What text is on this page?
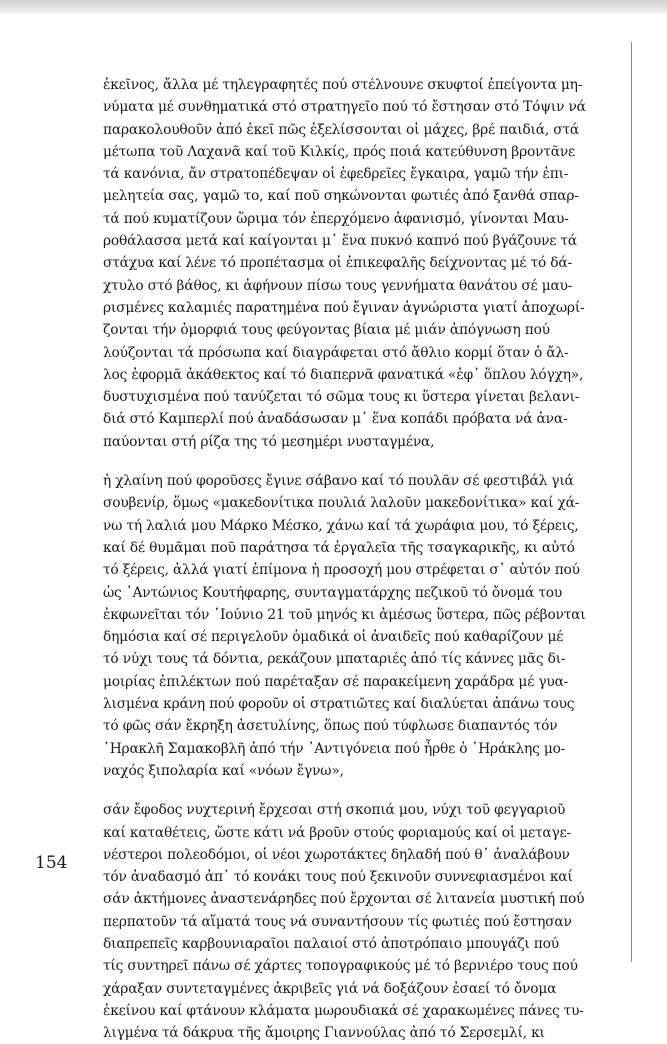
ἐκεῖνος, ἄλλα μέ τηλεγραφητές πού στέλνουνε σκυφτοί ἐπείγοντα μη-
νύματα μέ συνθηματικά στό στρατηγεῖο πού τό ἔστησαν στό Τόψιν νά
παρακολουθοῦν ἀπό ἐκεῖ πῶς ἐξελίσσονται οἱ μάχες, βρέ παιδιά, στά
μέτωπα τοῦ Λαχανᾶ καί τοῦ Κιλκίς, πρός ποιά κατεύθυνση βροντᾶνε
τά κανόνια, ἄν στρατοπέδεψαν οἱ ἐφεδρεῖες ἔγκαιρα, γαμῶ τήν ἐπι-
μελητεία σας, γαμῶ το, καί ποῦ σηκώνονται φωτιές ἀπό ξανθά σπαρ-
τά πού κυματίζουν ὥριμα τόν ἐπερχόμενο ἀφανισμό, γίνονται Μαυ-
ροθάλασσα μετά καί καίγονται μ᾽ ἕνα πυκνό καπνό πού βγάζουνε τά
στάχυα καί λένε τό προπέτασμα οἱ ἐπικεφαλῆς δείχνοντας μέ τό δά-
χτυλο στό βάθος, κι ἀφήνουν πίσω τους γεννήματα θανάτου σέ μαυ-
ρισμένες καλαμιές παρατημένα πού ἔγιναν ἀγνώριστα γιατί ἀποχωρί-
ζονται τήν ὀμορφιά τους φεύγοντας βίαια μέ μιάν ἀπόγνωση πού
λούζονται τά πρόσωπα καί διαγράφεται στό ἄθλιο κορμί ὅταν ὁ ἄλ-
λος ἐφορμᾶ ἀκάθεκτος καί τό διαπερνᾶ φανατικά «ἐφ᾽ ὅπλου λόγχη»,
δυστυχισμένα πού τανύζεται τό σῶμα τους κι ὕστερα γίνεται βελανι-
διά στό Καμπερλί πού ἀναδάσωσαν μ᾽ ἕνα κοπάδι πρόβατα νά ἀνα-
παύονται στή ρίζα της τό μεσημέρι νυσταγμένα,
ἡ χλαίνη πού φοροῦσες ἔγινε σάβανο καί τό πουλᾶν σέ φεστιβάλ γιά
σουβενίρ, ὅμως «μακεδονίτικα πουλιά λαλοῦν μακεδονίτικα» καί χά-
νω τή λαλιά μου Μάρκο Μέσκο, χάνω καί τά χωράφια μου, τό ξέρεις,
καί δέ θυμᾶμαι ποῦ παράτησα τά ἐργαλεῖα τῆς τσαγκαρικῆς, κι αὐτό
τό ξέρεις, ἀλλά γιατί ἐπίμονα ἡ προσοχή μου στρέφεται σ᾽ αὐτόν πού
ὡς ᾽Αντώνιος Κουτήφαρης, συνταγματάρχης πεζικοῦ τό ὄνομά του
ἐκφωνεῖται τόν ᾽Ιούνιο 21 τοῦ μηνός κι ἀμέσως ὕστερα, πῶς ρέβονται
δημόσια καί σέ περιγελοῦν ὁμαδικά οἱ ἀναιδεῖς πού καθαρίζουν μέ
τό νύχι τους τά δόντια, ρεκάζουν μπαταριές ἀπό τίς κάννες μᾶς δι-
μοιρίας ἐπιλέκτων πού παρέταξαν σέ παρακείμενη χαράδρα μέ γυα-
λισμένα κράνη πού φοροῦν οἱ στρατιῶτες καί διαλύεται ἀπάνω τους
τό φῶς σάν ἔκρηξη ἀσετυλίνης, ὅπως πού τύφλωσε διαπαντός τόν
῾Ηρακλῆ Σαμακοβλῆ ἀπό τήν ᾽Αντιγόνεια πού ἦρθε ὁ ῾Ηράκλης μο-
ναχός ξιπολαρία καί «νόων ἔγνω»,
σάν ἔφοδος νυχτερινή ἔρχεσαι στή σκοπιά μου, νύχι τοῦ φεγγαριοῦ
καί καταθέτεις, ὥστε κάτι νά βροῦν στούς φοριαμούς καί οἱ μεταγε-
νέστεροι πολεοδόμοι, οἱ νέοι χωροτάκτες δηλαδή πού θ᾽ ἀναλάβουν
τόν ἀναδασμό ἀπ᾽ τό κονάκι τους πού ξεκινοῦν συννεφιασμένοι καί
σάν ἀκτήμονες ἀναστενάρηδες πού ἔρχονται σέ λιτανεία μυστική πού
περπατοῦν τά αἵματά τους νά συναντήσουν τίς φωτιές πού ἔστησαν
διαπρεπεῖς καρβουνιαραῖοι παλαιοί στό ἀποτρόπαιο μπουγάζι πού
τίς συντηρεῖ πάνω σέ χάρτες τοπογραφικούς μέ τό βερνιέρο τους πού
χάραξαν συντεταγμένες ἀκριβεῖς γιά νά δοξάζουν ἐσαεί τό ὄνομα
ἐκείνου καί φτάνουν κλάματα μωρουδιακά σέ χαρακωμένες πάνες τυ-
λιγμένα τά δάκρυα τῆς ἄμοιρης Γιαννούλας ἀπό τό Σερσεμλί, κι
154
